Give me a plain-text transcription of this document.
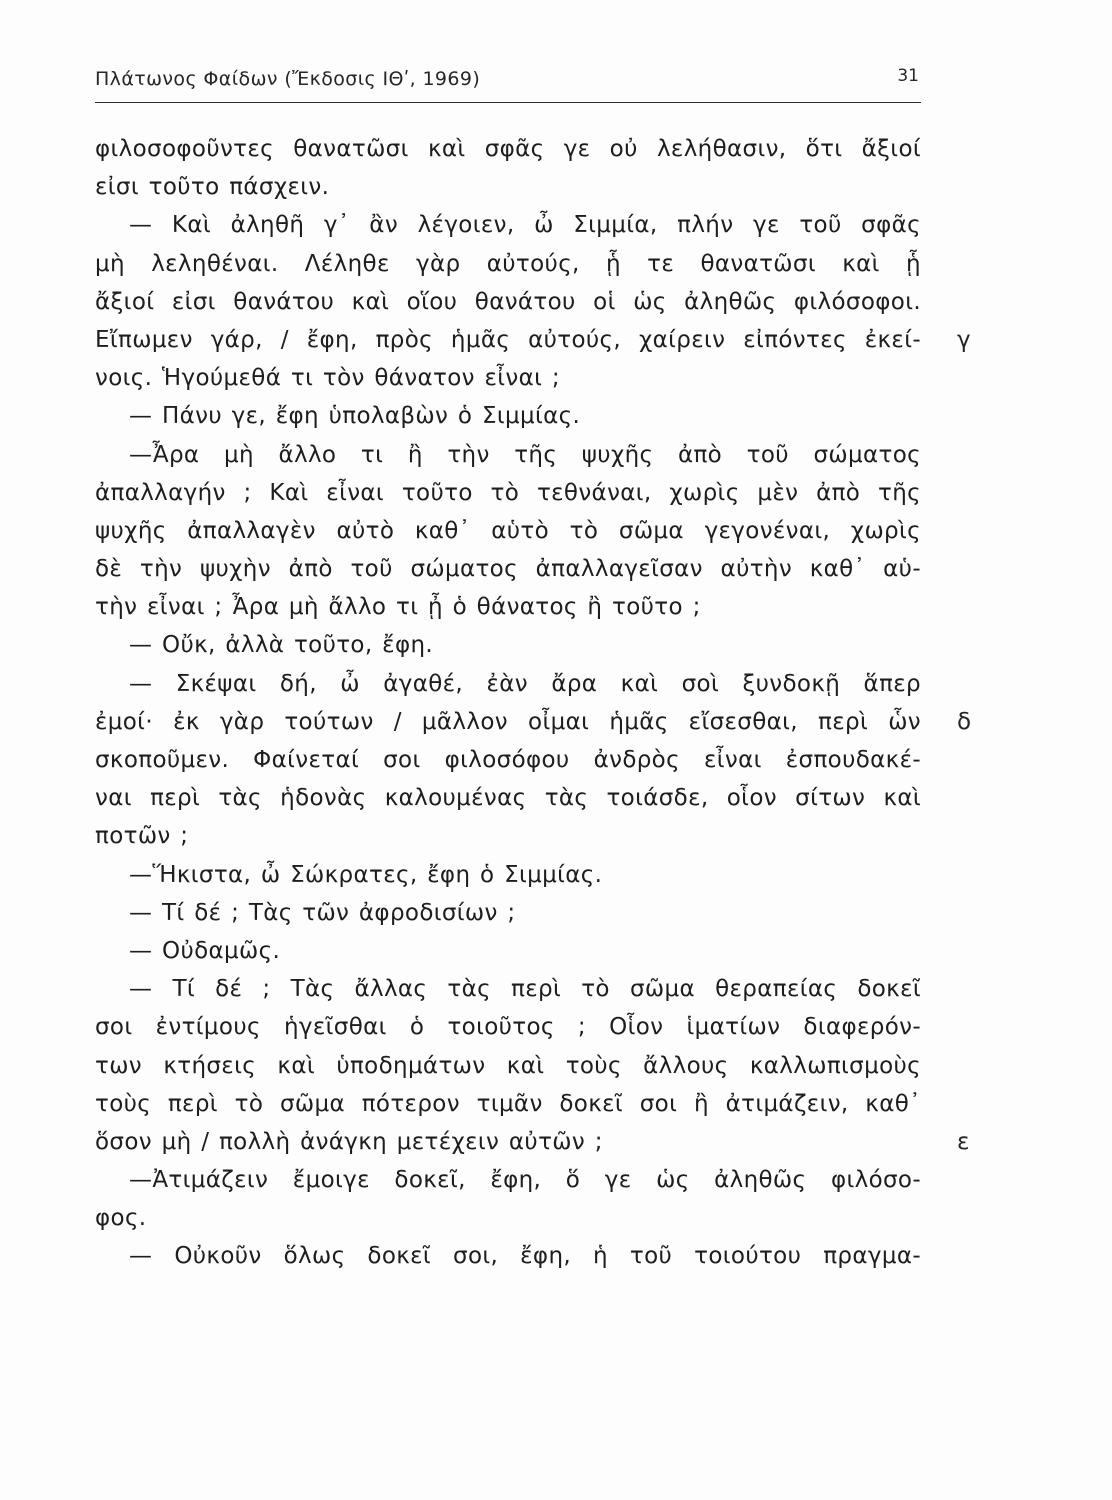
Πλάτωνος Φαίδων (Ἔκδοσις ΙΘʹ, 1969)	31
φιλοσοφοῦντες θανατῶσι καὶ σφᾶς γε οὐ λελήθασιν, ὅτι ἄξιοί
εἰσι τοῦτο πάσχειν.
— Καὶ ἀληθῆ γ᾽ ἂν λέγοιεν, ὦ Σιμμία, πλήν γε τοῦ σφᾶς
μὴ λεληθέναι. Λέληθε γὰρ αὐτούς, ᾗ τε θανατῶσι καὶ ᾗ
ἄξιοί εἰσι θανάτου καὶ οἵου θανάτου οἱ ὡς ἀληθῶς φιλόσοφοι.
Εἴπωμεν γάρ, / ἔφη, πρὸς ἡμᾶς αὐτούς, χαίρειν εἰπόντες ἐκεί- γ
νοις. Ἡγούμεθά τι τὸν θάνατον εἶναι ;
— Πάνυ γε, ἔφη ὑπολαβὼν ὁ Σιμμίας.
—Ἆρα μὴ ἄλλο τι ἢ τὴν τῆς ψυχῆς ἀπὸ τοῦ σώματος
ἀπαλλαγήν ; Καὶ εἶναι τοῦτο τὸ τεθνάναι, χωρὶς μὲν ἀπὸ τῆς
ψυχῆς ἀπαλλαγὲν αὐτὸ καθ᾽ αὑτὸ τὸ σῶμα γεγονέναι, χωρὶς
δὲ τὴν ψυχὴν ἀπὸ τοῦ σώματος ἀπαλλαγεῖσαν αὐτὴν καθ᾽ αὑ-
τὴν εἶναι ; Ἆρα μὴ ἄλλο τι ᾖ ὁ θάνατος ἢ τοῦτο ;
— Οὔκ, ἀλλὰ τοῦτο, ἔφη.
— Σκέψαι δή, ὦ ἀγαθέ, ἐὰν ἄρα καὶ σοὶ ξυνδοκῇ ἅπερ
ἐμοί· ἐκ γὰρ τούτων / μᾶλλον οἶμαι ἡμᾶς εἴσεσθαι, περὶ ὧν δ
σκοποῦμεν. Φαίνεταί σοι φιλοσόφου ἀνδρὸς εἶναι ἐσπουδακέ-
ναι περὶ τὰς ἡδονὰς καλουμένας τὰς τοιάσδε, οἷον σίτων καὶ
ποτῶν ;
—Ἥκιστα, ὦ Σώκρατες, ἔφη ὁ Σιμμίας.
— Τί δέ ; Τὰς τῶν ἀφροδισίων ;
— Οὐδαμῶς.
— Τί δέ ; Τὰς ἄλλας τὰς περὶ τὸ σῶμα θεραπείας δοκεῖ
σοι ἐντίμους ἡγεῖσθαι ὁ τοιοῦτος ; Οἷον ἱματίων διαφερόν-
των κτήσεις καὶ ὑποδημάτων καὶ τοὺς ἄλλους καλλωπισμοὺς
τοὺς περὶ τὸ σῶμα πότερον τιμᾶν δοκεῖ σοι ἢ ἀτιμάζειν, καθ᾽
ὅσον μὴ / πολλὴ ἀνάγκη μετέχειν αὐτῶν ;	ε
—Ἀτιμάζειν ἔμοιγε δοκεῖ, ἔφη, ὅ γε ὡς ἀληθῶς φιλόσο-
φος.
— Οὐκοῦν ὅλως δοκεῖ σοι, ἔφη, ἡ τοῦ τοιούτου πραγμα-
